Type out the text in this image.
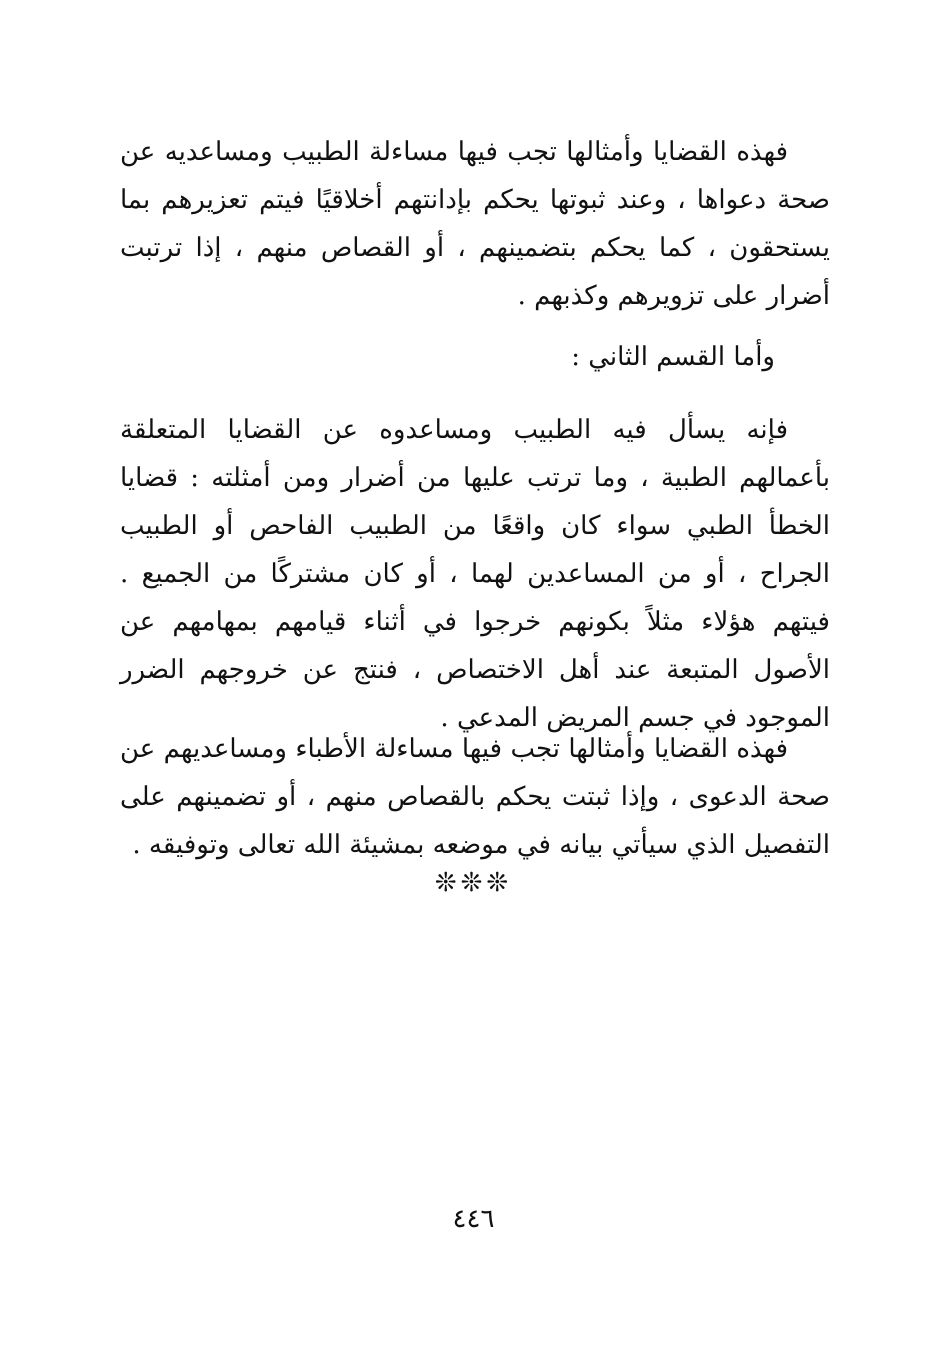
فهذه القضايا وأمثالها تجب فيها مساءلة الطبيب ومساعديه عن صحة دعواها ، وعند ثبوتها يحكم بإدانتهم أخلاقيًا فيتم تعزيرهم بما يستحقون ، كما يحكم بتضمينهم ، أو القصاص منهم ، إذا ترتبت أضرار على تزويرهم وكذبهم .

وأما القسم الثاني :

فإنه يسأل فيه الطبيب ومساعدوه عن القضايا المتعلقة بأعمالهم الطبية ، وما ترتب عليها من أضرار ومن أمثلته : قضايا الخطأ الطبي سواء كان واقعًا من الطبيب الفاحص أو الطبيب الجراح ، أو من المساعدين لهما ، أو كان مشتركًا من الجميع . فيتهم هؤلاء مثلاً بكونهم خرجوا في أثناء قيامهم بمهامهم عن الأصول المتبعة عند أهل الاختصاص ، فنتج عن خروجهم الضرر الموجود في جسم المريض المدعي .

فهذه القضايا وأمثالها تجب فيها مساءلة الأطباء ومساعديهم عن صحة الدعوى ، وإذا ثبتت يحكم بالقصاص منهم ، أو تضمينهم على التفصيل الذي سيأتي بيانه في موضعه بمشيئة الله تعالى وتوفيقه .

❊❊❊
٤٤٦
